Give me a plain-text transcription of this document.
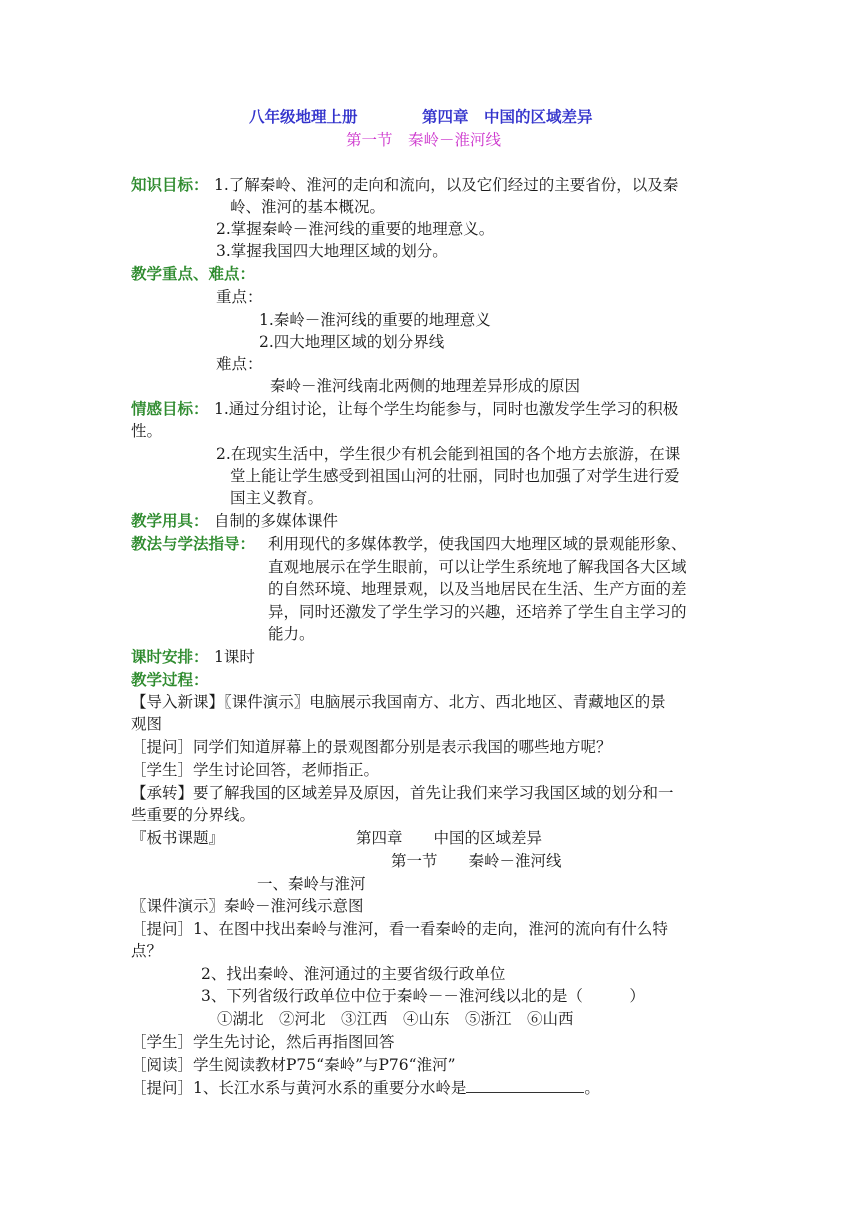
八年级地理上册	第四章　中国的区域差异
第一节　秦岭－淮河线
知识目标： 1.了解秦岭、淮河的走向和流向，以及它们经过的主要省份，以及秦
岭、淮河的基本概况。
2.掌握秦岭－淮河线的重要的地理意义。
3.掌握我国四大地理区域的划分。
教学重点、难点：
重点：
1.秦岭－淮河线的重要的地理意义
2.四大地理区域的划分界线
难点：
秦岭－淮河线南北两侧的地理差异形成的原因
情感目标： 1.通过分组讨论，让每个学生均能参与，同时也激发学生学习的积极
性。
2.在现实生活中，学生很少有机会能到祖国的各个地方去旅游，在课
堂上能让学生感受到祖国山河的壮丽，同时也加强了对学生进行爱
国主义教育。
教学用具： 自制的多媒体课件
教法与学法指导： 利用现代的多媒体教学，使我国四大地理区域的景观能形象、
直观地展示在学生眼前，可以让学生系统地了解我国各大区域
的自然环境、地理景观，以及当地居民在生活、生产方面的差
异，同时还激发了学生学习的兴趣，还培养了学生自主学习的
能力。
课时安排： 1课时
教学过程：
【导入新课】〖课件演示〗电脑展示我国南方、北方、西北地区、青藏地区的景
观图
［提问］同学们知道屏幕上的景观图都分别是表示我国的哪些地方呢？
［学生］学生讨论回答，老师指正。
【承转】要了解我国的区域差异及原因，首先让我们来学习我国区域的划分和一
些重要的分界线。
『板书课题』	第四章　　中国的区域差异
第一节　　秦岭－淮河线
一、秦岭与淮河
〖课件演示〗秦岭－淮河线示意图
［提问］1、在图中找出秦岭与淮河，看一看秦岭的走向，淮河的流向有什么特
点？
2、找出秦岭、淮河通过的主要省级行政单位
3、下列省级行政单位中位于秦岭－－淮河线以北的是（　　　）
①湖北　②河北　③江西　④山东　⑤浙江　⑥山西
［学生］学生先讨论，然后再指图回答
［阅读］学生阅读教材P75“秦岭”与P76“淮河”
［提问］1、长江水系与黄河水系的重要分水岭是	。
